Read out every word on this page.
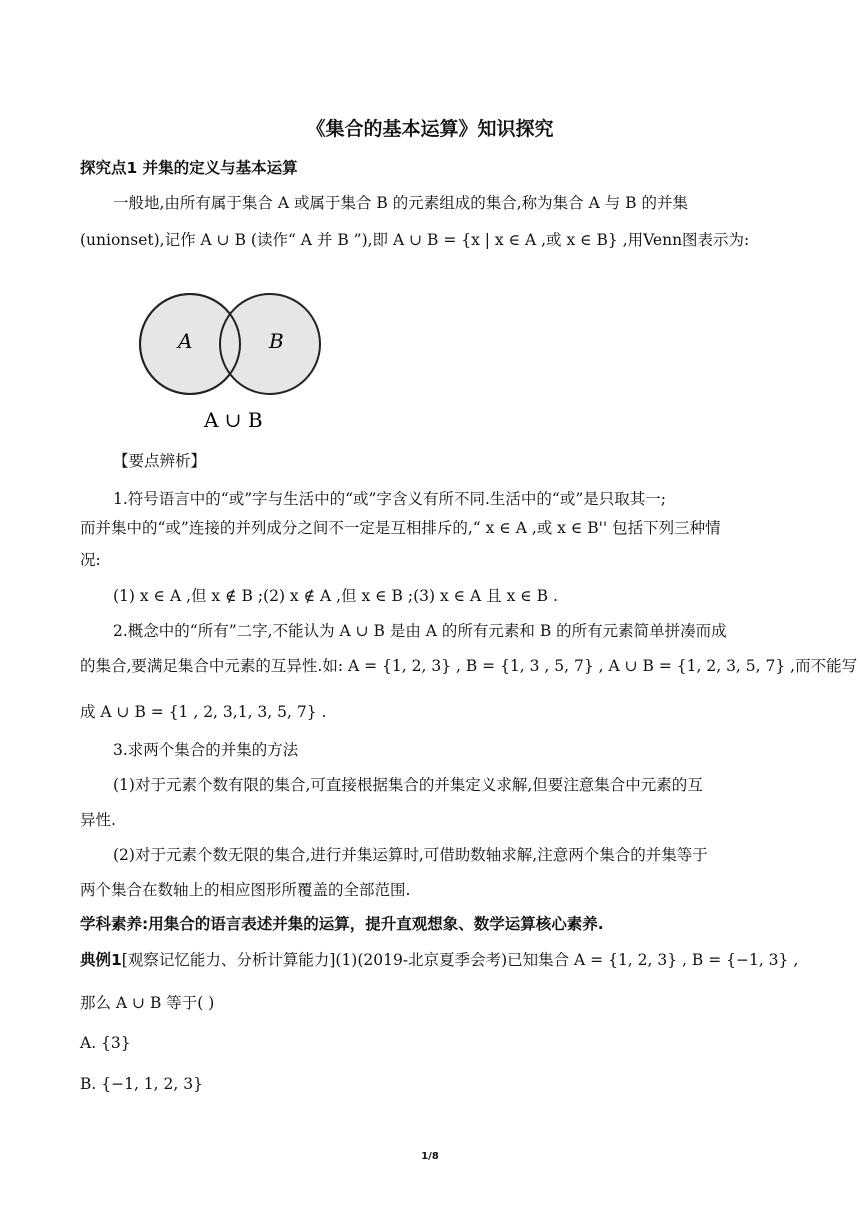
《集合的基本运算》知识探究
探究点1 并集的定义与基本运算
一般地,由所有属于集合 A 或属于集合 B 的元素组成的集合,称为集合 A 与 B 的并集
(unionset),记作 A ∪ B (读作“ A 并 B ”),即 A ∪ B = {x | x ∈ A ,或 x ∈ B} ,用Venn图表示为:
A	B
A ∪ B
【要点辨析】
1.符号语言中的“或”字与生活中的“或”字含义有所不同.生活中的“或”是只取其一;
而并集中的“或”连接的并列成分之间不一定是互相排斥的,“ x ∈ A ,或 x ∈ B'' 包括下列三种情
况:
(1) x ∈ A ,但 x ∉ B ;(2) x ∉ A ,但 x ∈ B ;(3) x ∈ A 且 x ∈ B .
2.概念中的“所有”二字,不能认为 A ∪ B 是由 A 的所有元素和 B 的所有元素简单拼凑而成
的集合,要满足集合中元素的互异性.如: A = {1, 2, 3} , B = {1, 3 , 5, 7} , A ∪ B = {1, 2, 3, 5, 7} ,而不能写
成 A ∪ B = {1 , 2, 3,1, 3, 5, 7} .
3.求两个集合的并集的方法
(1)对于元素个数有限的集合,可直接根据集合的并集定义求解,但要注意集合中元素的互
异性.
(2)对于元素个数无限的集合,进行并集运算时,可借助数轴求解,注意两个集合的并集等于
两个集合在数轴上的相应图形所覆盖的全部范围.
学科素养:用集合的语言表述并集的运算，提升直观想象、数学运算核心素养.
典例1[观察记忆能力、分析计算能力](1)(2019-北京夏季会考)已知集合 A = {1, 2, 3} , B = {−1, 3} ,
那么 A ∪ B 等于( )
A. {3}
B. {−1, 1, 2, 3}
1/8
